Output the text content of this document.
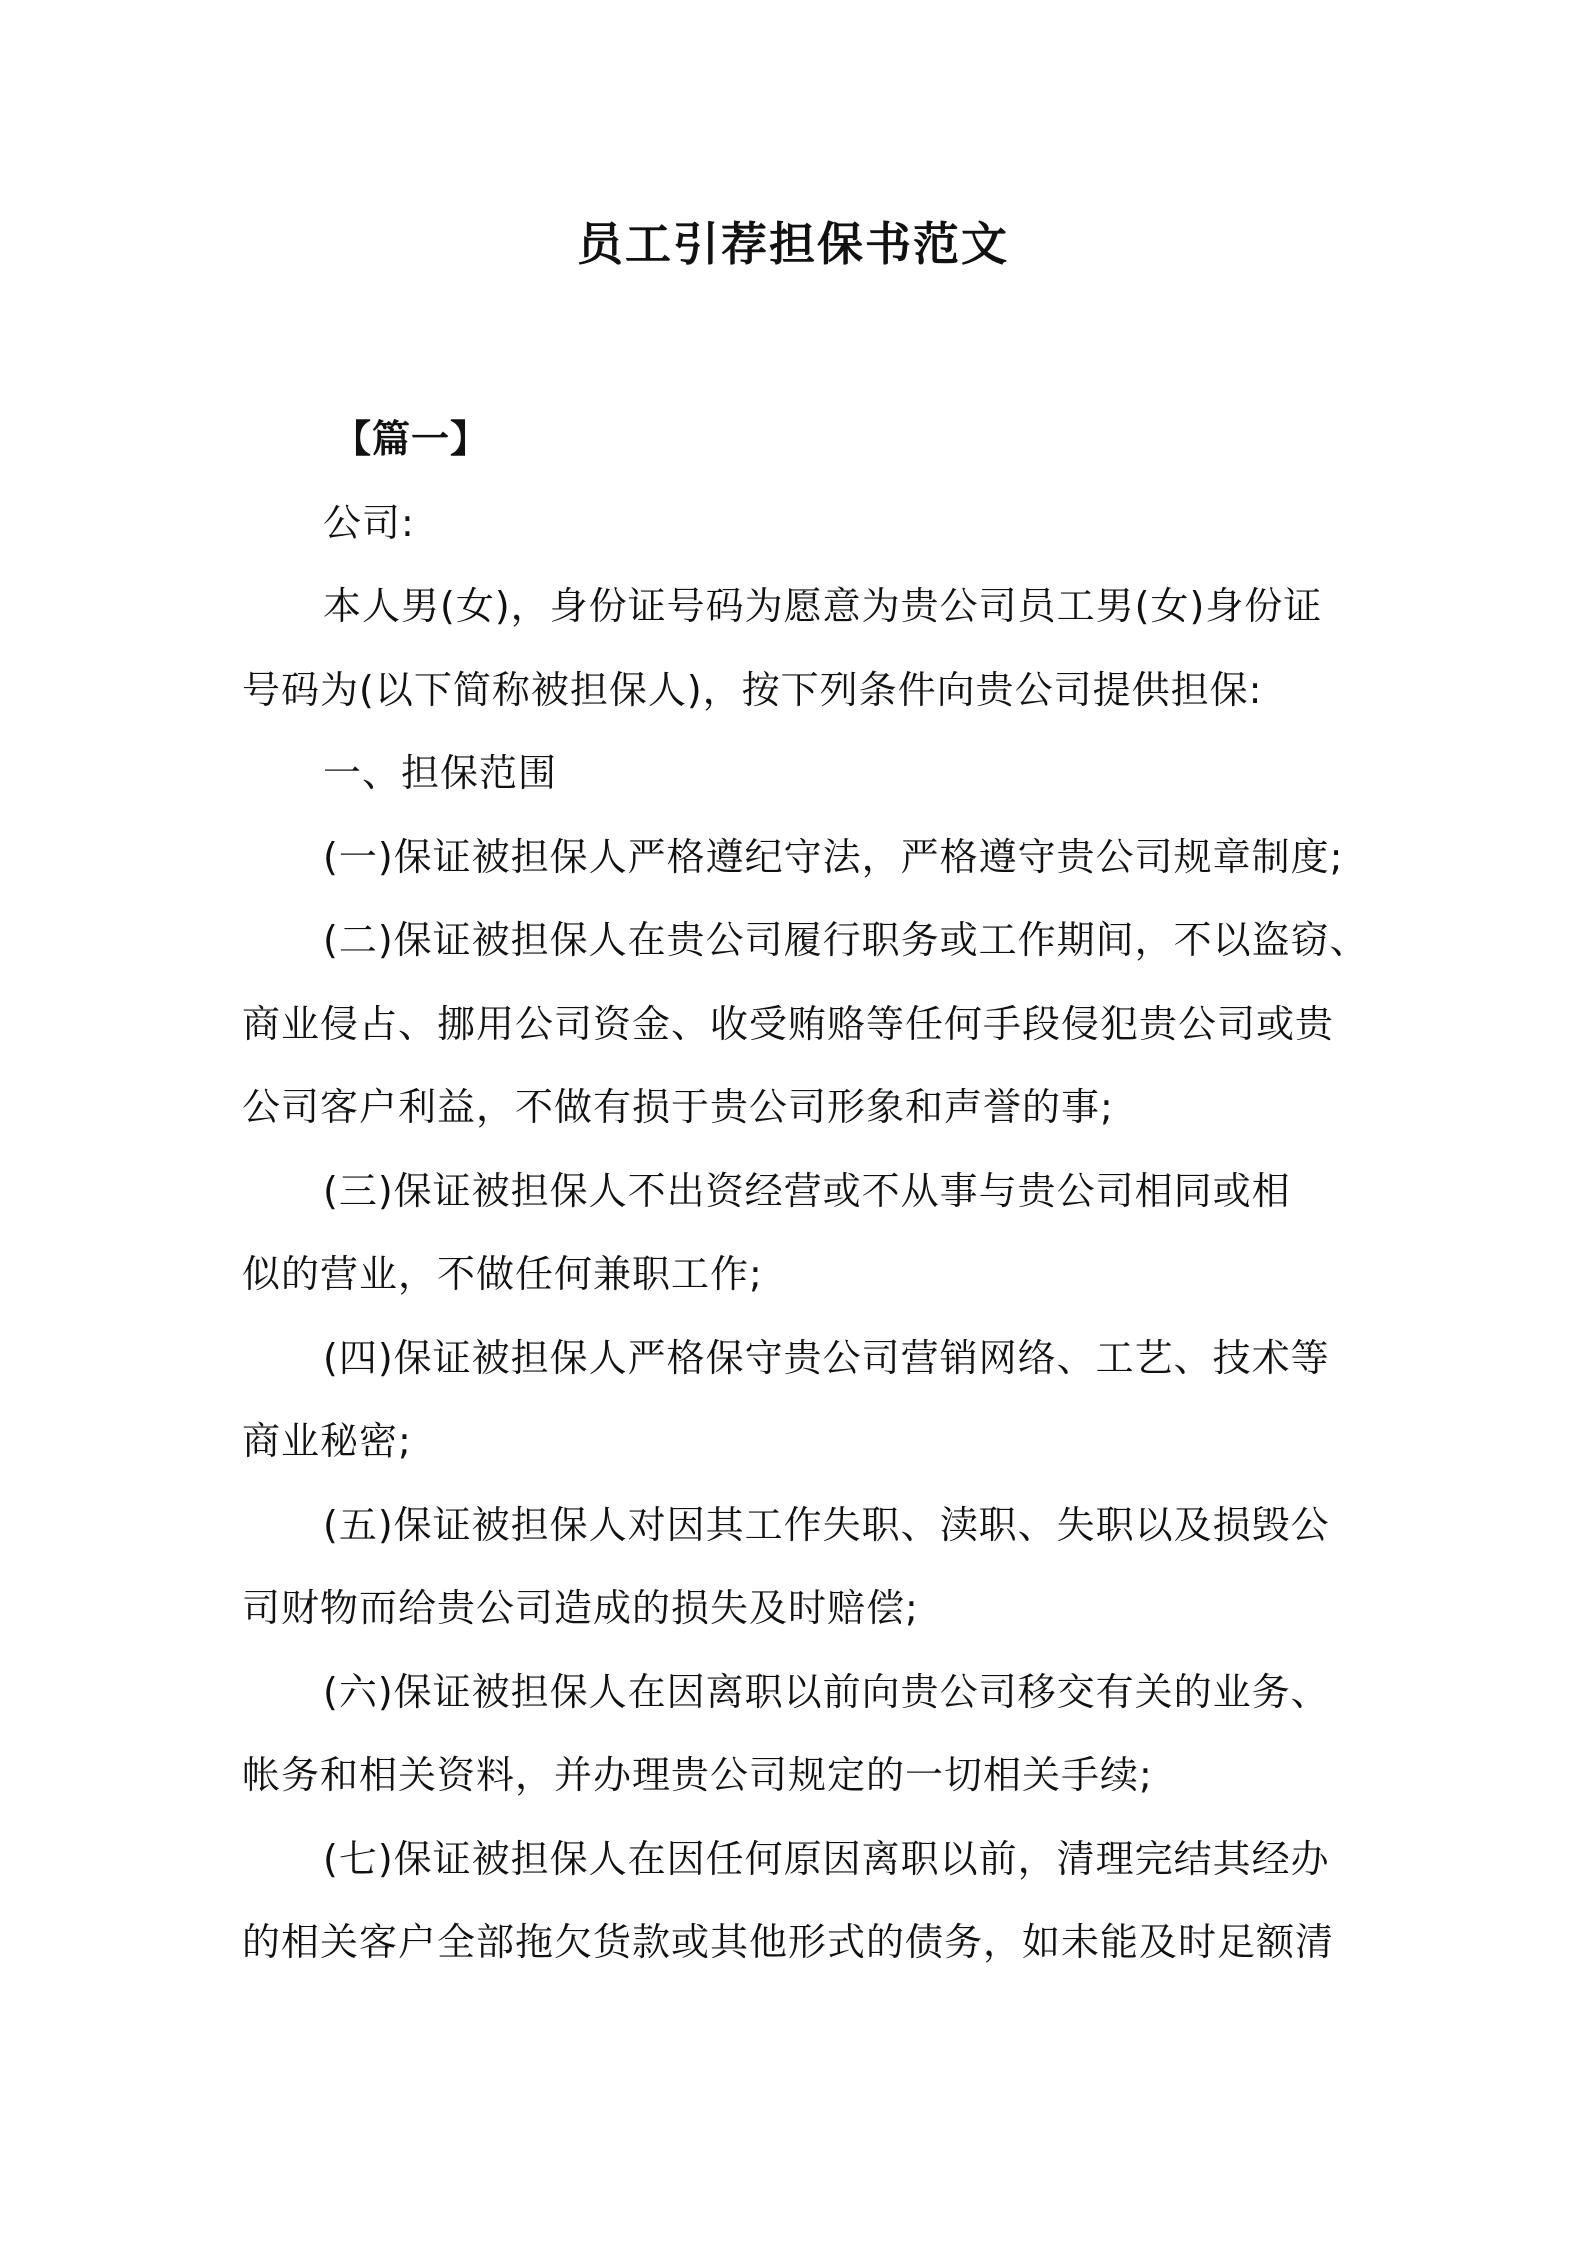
员工引荐担保书范文
【篇一】
公司:
本人男(女)，身份证号码为愿意为贵公司员工男(女)身份证
号码为(以下简称被担保人)，按下列条件向贵公司提供担保:
一、担保范围
(一)保证被担保人严格遵纪守法，严格遵守贵公司规章制度;
(二)保证被担保人在贵公司履行职务或工作期间，不以盗窃、
商业侵占、挪用公司资金、收受贿赂等任何手段侵犯贵公司或贵
公司客户利益，不做有损于贵公司形象和声誉的事;
(三)保证被担保人不出资经营或不从事与贵公司相同或相
似的营业，不做任何兼职工作;
(四)保证被担保人严格保守贵公司营销网络、工艺、技术等
商业秘密;
(五)保证被担保人对因其工作失职、渎职、失职以及损毁公
司财物而给贵公司造成的损失及时赔偿;
(六)保证被担保人在因离职以前向贵公司移交有关的业务、
帐务和相关资料，并办理贵公司规定的一切相关手续;
(七)保证被担保人在因任何原因离职以前，清理完结其经办
的相关客户全部拖欠货款或其他形式的债务，如未能及时足额清
